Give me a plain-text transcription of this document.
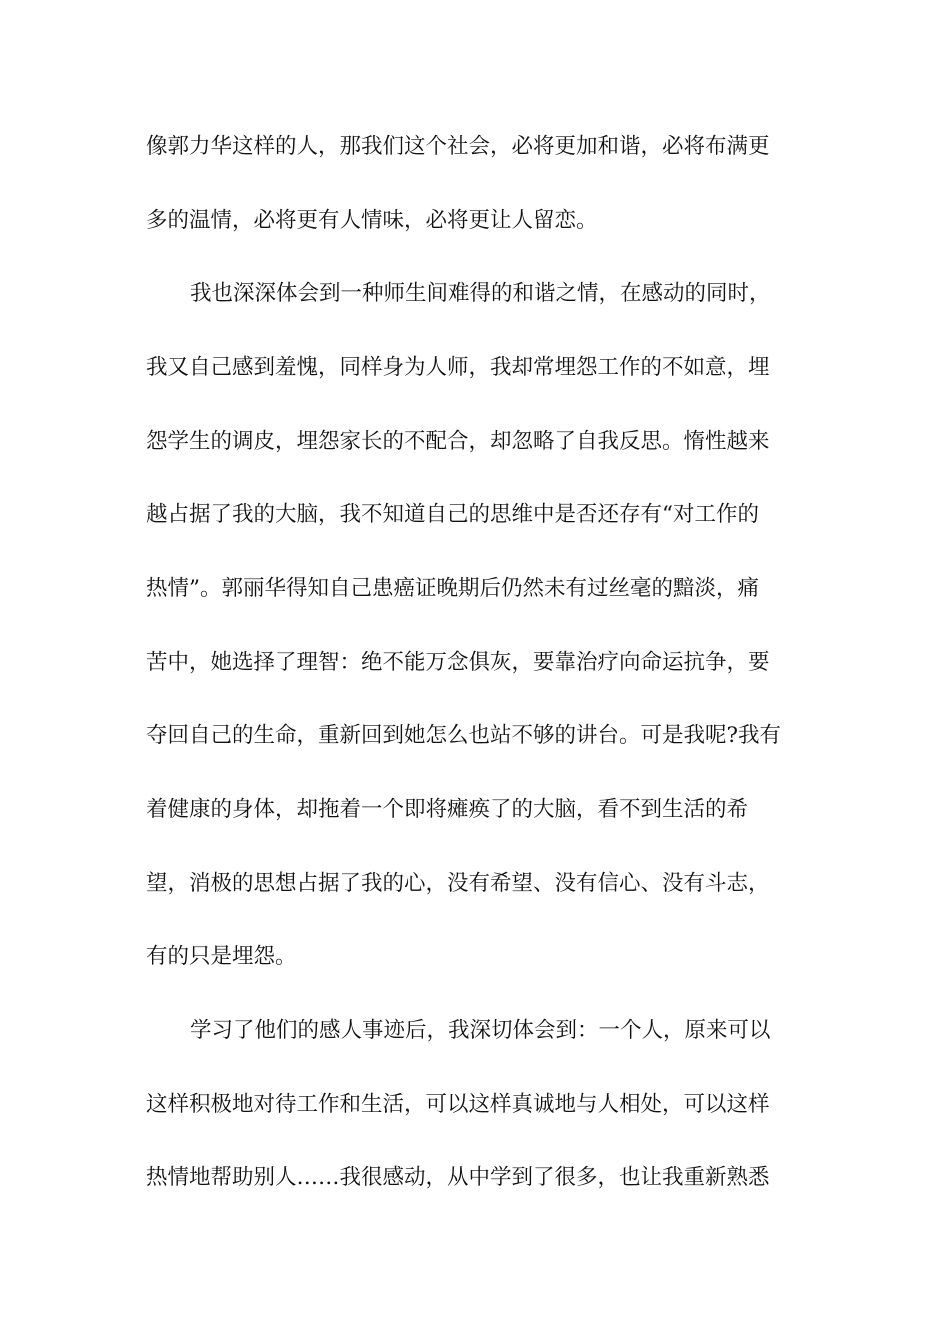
像郭力华这样的人，那我们这个社会，必将更加和谐，必将布满更
多的温情，必将更有人情味，必将更让人留恋。
我也深深体会到一种师生间难得的和谐之情，在感动的同时，
我又自己感到羞愧，同样身为人师，我却常埋怨工作的不如意，埋
怨学生的调皮，埋怨家长的不配合，却忽略了自我反思。惰性越来
越占据了我的大脑，我不知道自己的思维中是否还存有“对工作的
热情”。郭丽华得知自己患癌证晚期后仍然未有过丝毫的黯淡，痛
苦中，她选择了理智：绝不能万念俱灰，要靠治疗向命运抗争，要
夺回自己的生命，重新回到她怎么也站不够的讲台。可是我呢?我有
着健康的身体，却拖着一个即将瘫痪了的大脑，看不到生活的希
望，消极的思想占据了我的心，没有希望、没有信心、没有斗志，
有的只是埋怨。
学习了他们的感人事迹后，我深切体会到：一个人，原来可以
这样积极地对待工作和生活，可以这样真诚地与人相处，可以这样
热情地帮助别人……我很感动，从中学到了很多，也让我重新熟悉
